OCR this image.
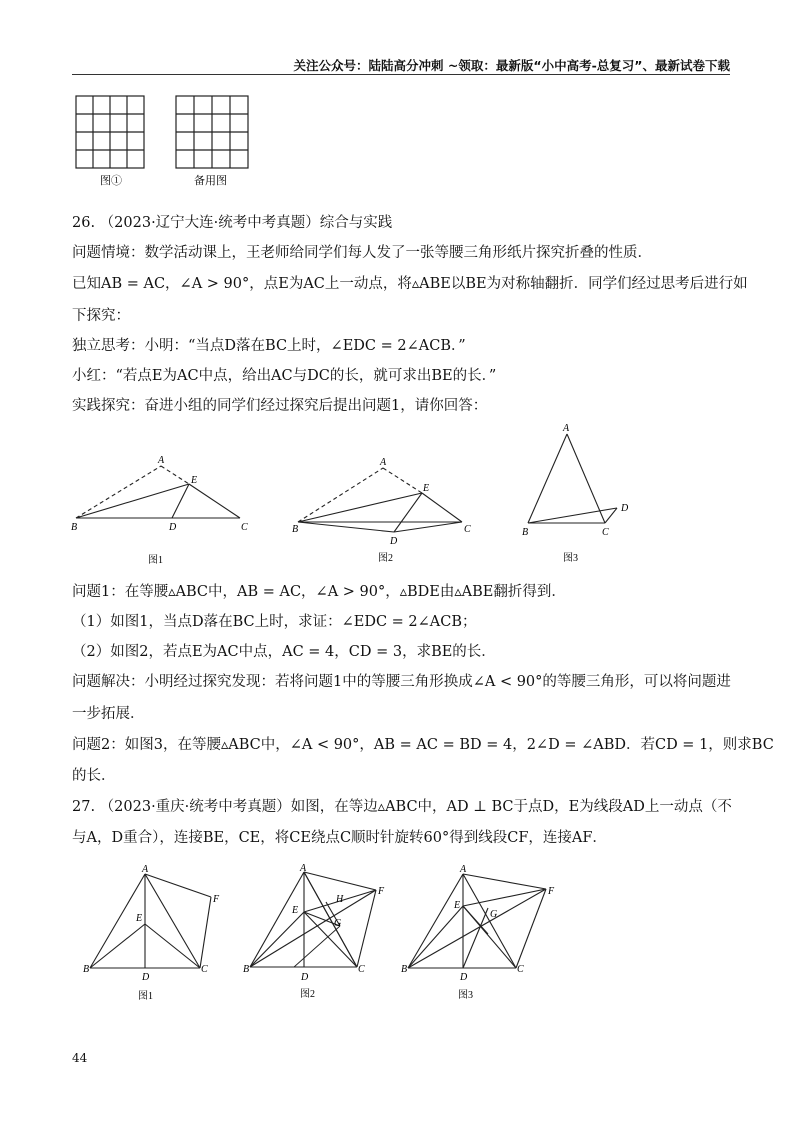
关注公众号：陆陆高分冲刺 ~领取：最新版“小中高考-总复习”、最新试卷下载
图①	备用图
26. （2023·辽宁大连·统考中考真题）综合与实践
问题情境：数学活动课上，王老师给同学们每人发了一张等腰三角形纸片探究折叠的性质．
已知AB = AC，∠A > 90°，点E为AC上一动点，将▵ABE以BE为对称轴翻折．同学们经过思考后进行如
下探究：
独立思考：小明：“当点D落在BC上时，∠EDC = 2∠ACB．”
小红：“若点E为AC中点，给出AC与DC的长，就可求出BE的长．”
实践探究：奋进小组的同学们经过探究后提出问题1，请你回答：
A
E
B	D	C
图1
A
E
B
D
C
图2
A
B	C
D
图3
问题1：在等腰▵ABC中，AB = AC，∠A > 90°，▵BDE由▵ABE翻折得到．
（1）如图1，当点D落在BC上时，求证：∠EDC = 2∠ACB；
（2）如图2，若点E为AC中点，AC = 4，CD = 3，求BE的长．
问题解决：小明经过探究发现：若将问题1中的等腰三角形换成∠A < 90°的等腰三角形，可以将问题进
一步拓展．
问题2：如图3，在等腰▵ABC中，∠A < 90°，AB = AC = BD = 4，2∠D = ∠ABD．若CD = 1，则求BC
的长．
27. （2023·重庆·统考中考真题）如图，在等边▵ABC中，AD ⊥ BC于点D，E为线段AD上一动点（不
与A，D重合），连接BE，CE，将CE绕点C顺时针旋转60°得到线段CF，连接AF．
A
E
F
B
D
C
图1
A
E
H
G
F
B
D
C
图2
A
E
G
F
B
D
C
图3
44
